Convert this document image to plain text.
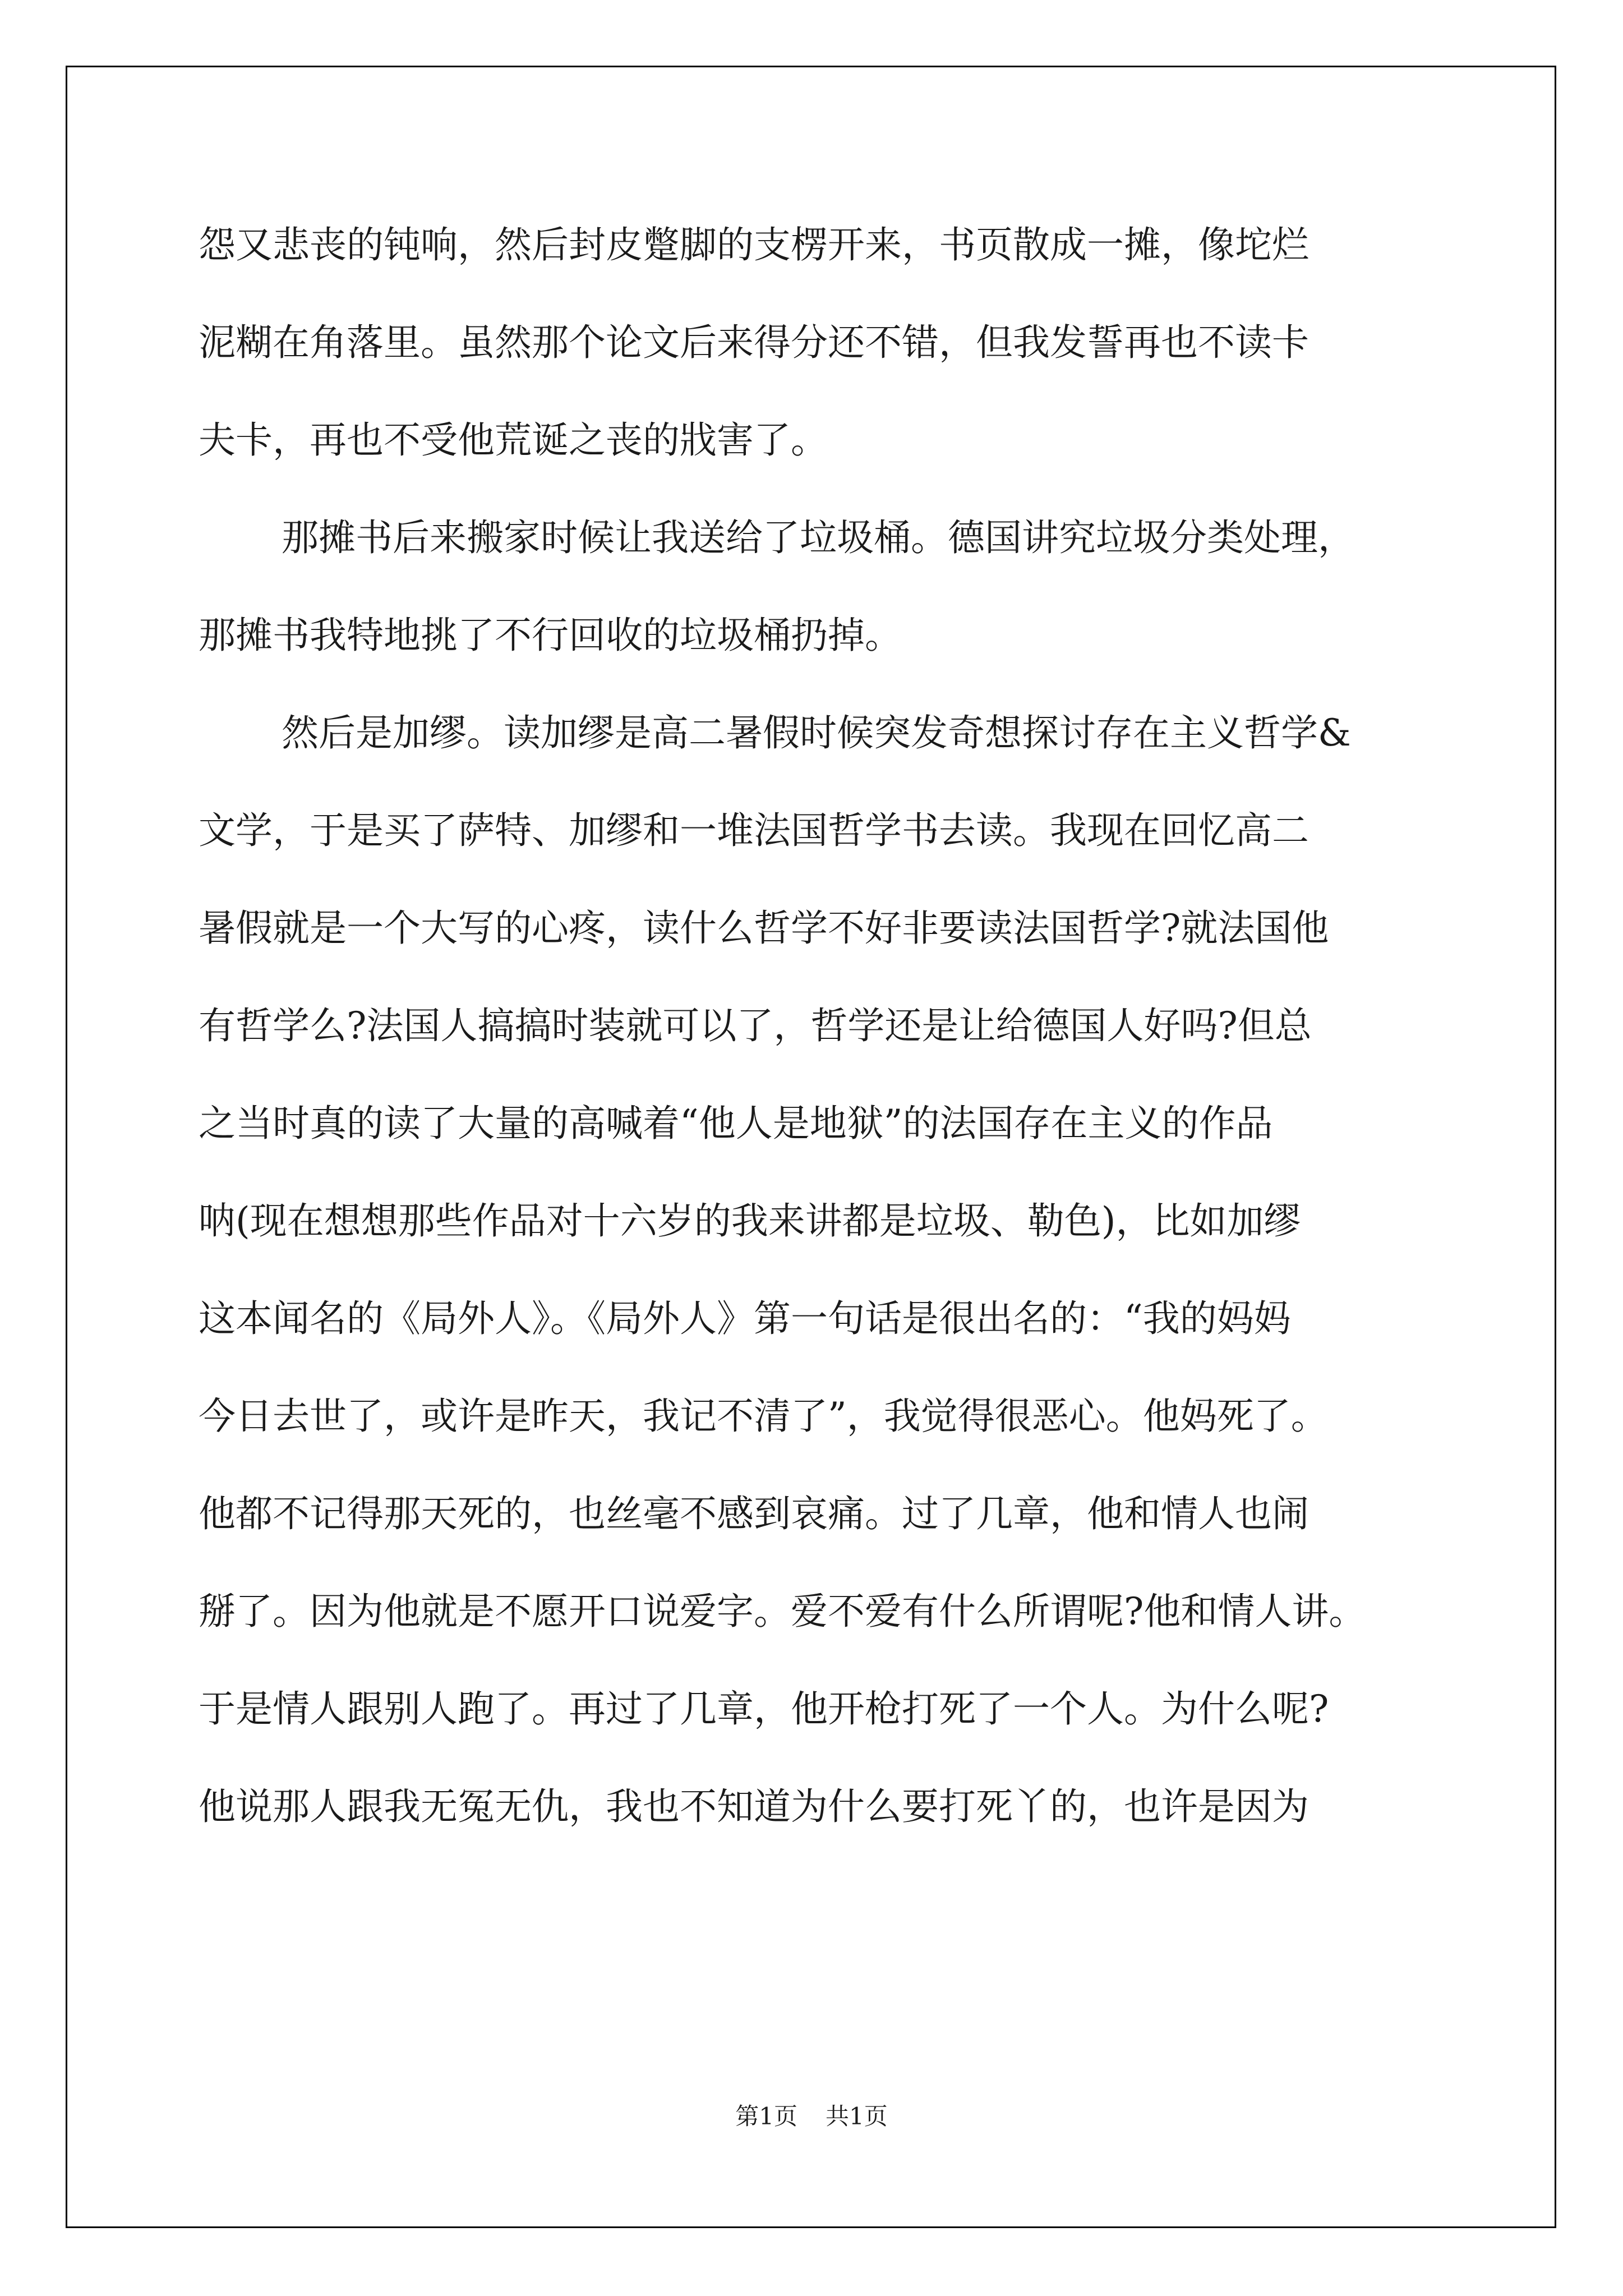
怨又悲丧的钝响，然后封皮蹩脚的支楞开来，书页散成一摊，像坨烂
泥糊在角落里。虽然那个论文后来得分还不错，但我发誓再也不读卡
夫卡，再也不受他荒诞之丧的戕害了。
那摊书后来搬家时候让我送给了垃圾桶。德国讲究垃圾分类处理，
那摊书我特地挑了不行回收的垃圾桶扔掉。
然后是加缪。读加缪是高二暑假时候突发奇想探讨存在主义哲学&
文学，于是买了萨特、加缪和一堆法国哲学书去读。我现在回忆高二
暑假就是一个大写的心疼，读什么哲学不好非要读法国哲学?就法国他
有哲学么?法国人搞搞时装就可以了，哲学还是让给德国人好吗?但总
之当时真的读了大量的高喊着“他人是地狱”的法国存在主义的作品
呐(现在想想那些作品对十六岁的我来讲都是垃圾、勒色)，比如加缪
这本闻名的《局外人》。《局外人》第一句话是很出名的：“我的妈妈
今日去世了，或许是昨天，我记不清了”，我觉得很恶心。他妈死了。
他都不记得那天死的，也丝毫不感到哀痛。过了几章，他和情人也闹
掰了。因为他就是不愿开口说爱字。爱不爱有什么所谓呢?他和情人讲。
于是情人跟别人跑了。再过了几章，他开枪打死了一个人。为什么呢?
他说那人跟我无冤无仇，我也不知道为什么要打死丫的，也许是因为
第1页 共1页
